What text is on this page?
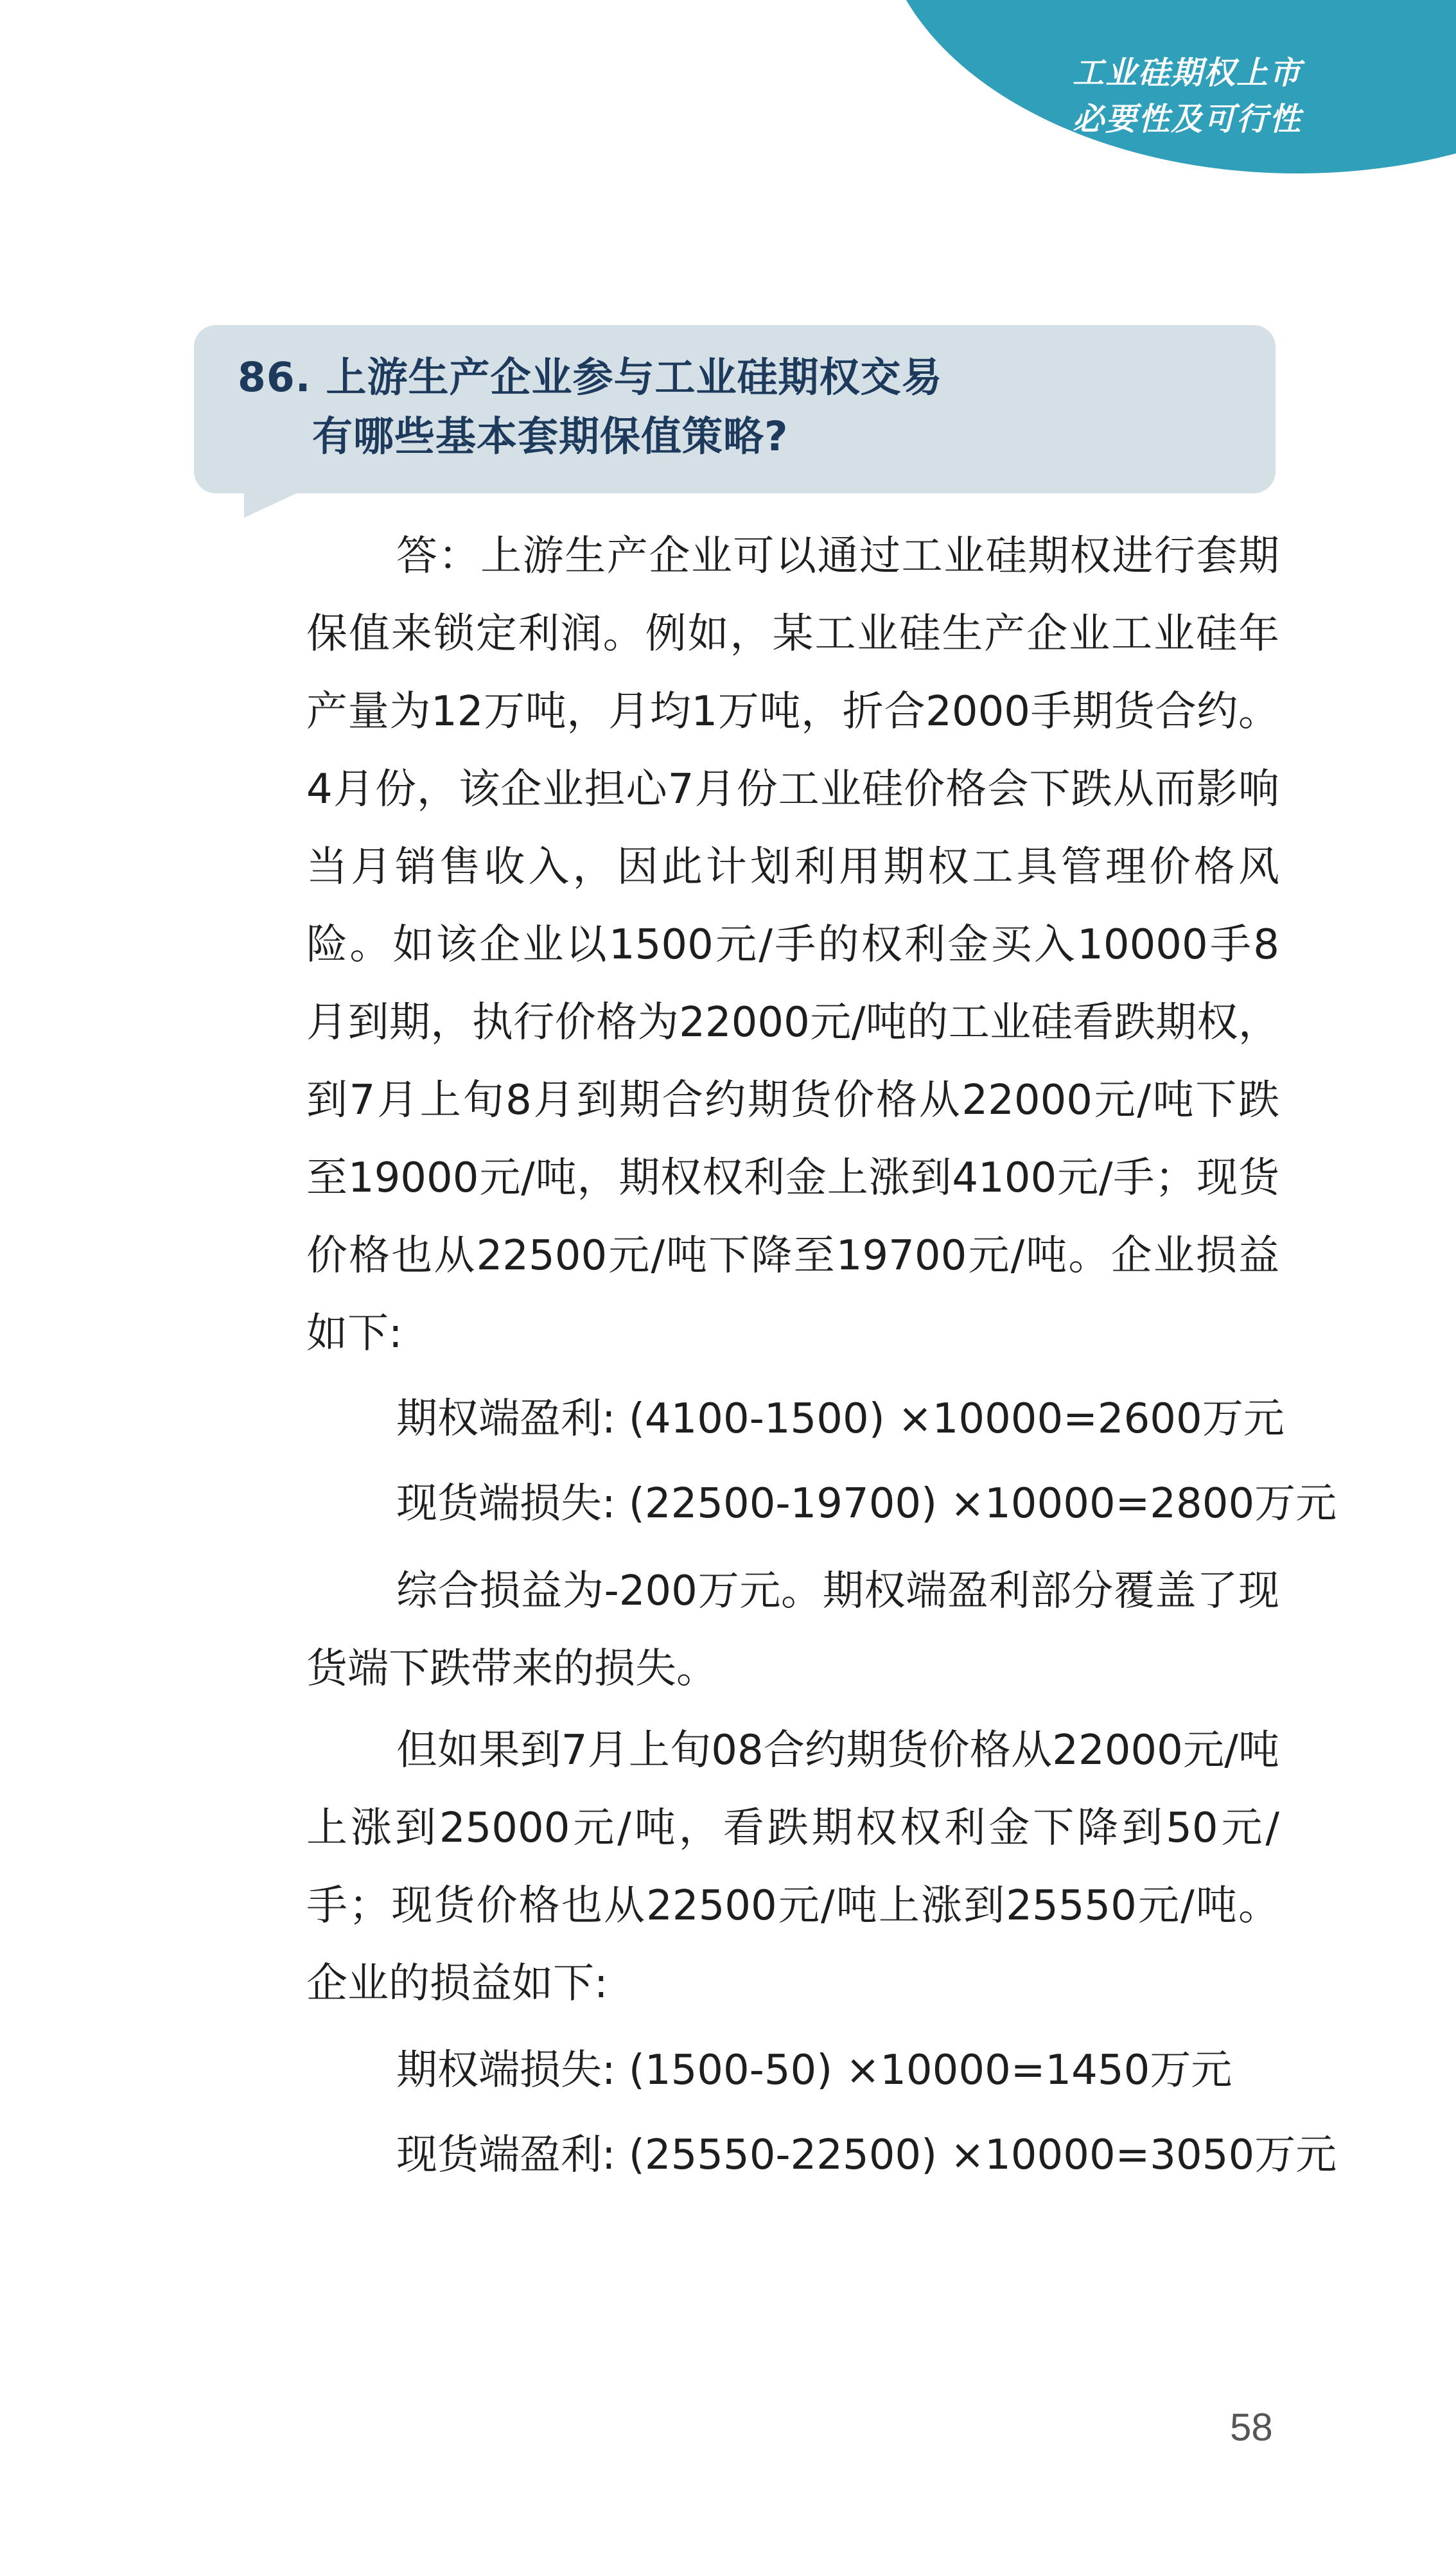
工业硅期权上市
必要性及可行性
86. 上游生产企业参与工业硅期权交易
有哪些基本套期保值策略?

答：上游生产企业可以通过工业硅期权进行套期保值来锁定利润。例如，某工业硅生产企业工业硅年产量为12万吨，月均1万吨，折合2000手期货合约。4月份，该企业担心7月份工业硅价格会下跌从而影响当月销售收入，因此计划利用期权工具管理价格风险。如该企业以1500元/手的权利金买入10000手8月到期，执行价格为22000元/吨的工业硅看跌期权，到7月上旬8月到期合约期货价格从22000元/吨下跌至19000元/吨，期权权利金上涨到4100元/手；现货价格也从22500元/吨下降至19700元/吨。企业损益如下:

期权端盈利: (4100-1500) ×10000=2600万元
现货端损失: (22500-19700) ×10000=2800万元

综合损益为-200万元。期权端盈利部分覆盖了现货端下跌带来的损失。

但如果到7月上旬08合约期货价格从22000元/吨上涨到25000元/吨，看跌期权权利金下降到50元/手；现货价格也从22500元/吨上涨到25550元/吨。企业的损益如下:

期权端损失: (1500-50) ×10000=1450万元
现货端盈利: (25550-22500) ×10000=3050万元
58
